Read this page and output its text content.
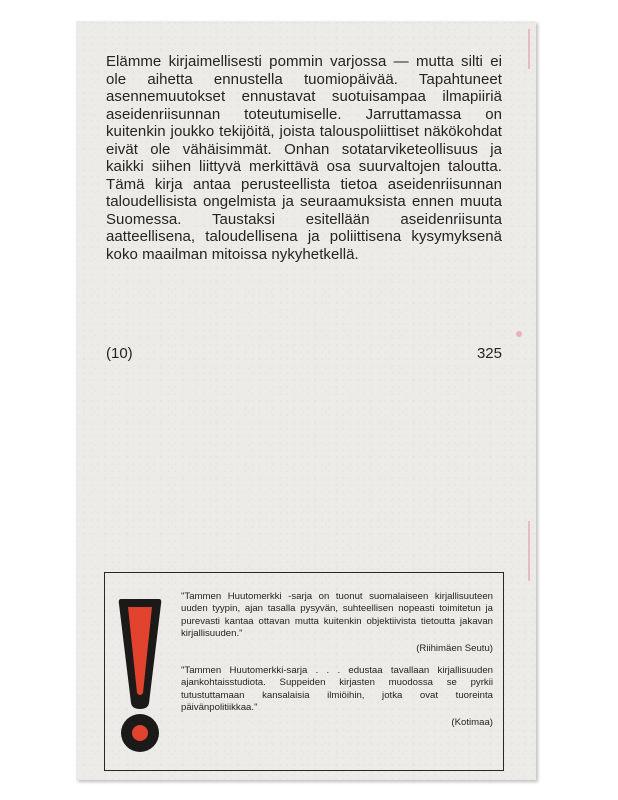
Elämme kirjaimellisesti pommin varjossa — mutta silti ei ole aihetta ennustella tuomiopäivää. Tapahtuneet asennemuutokset ennustavat suotuisampaa ilmapiiriä aseidenriisunnan toteutumiselle. Jarruttamassa on kuitenkin joukko tekijöitä, joista talouspoliittiset näkökohdat eivät ole vähäisimmät. Onhan sotatarviketeollisuus ja kaikki siihen liittyvä merkittävä osa suurvaltojen taloutta. Tämä kirja antaa perusteellista tietoa aseidenriisunnan taloudellisista ongelmista ja seuraamuksista ennen muuta Suomessa. Taustaksi esitellään aseidenriisunta aatteellisena, taloudellisena ja poliittisena kysymyksenä koko maailman mitoissa nykyhetkellä.

(10)	325

"Tammen Huutomerkki -sarja on tuonut suomalaiseen kirjallisuuteen uuden tyypin, ajan tasalla pysyvän, suhteellisen nopeasti toimitetun ja purevasti kantaa ottavan mutta kuitenkin objektiivista tietoutta jakavan kirjallisuuden."

(Riihimäen Seutu)

"Tammen Huutomerkki-sarja . . . edustaa tavallaan kirjallisuuden ajankohtaisstudiota. Suppeiden kirjasten muodossa se pyrkii tutustuttamaan kansalaisia ilmiöihin, jotka ovat tuoreinta päivänpolitiikkaa."

(Kotimaa)
